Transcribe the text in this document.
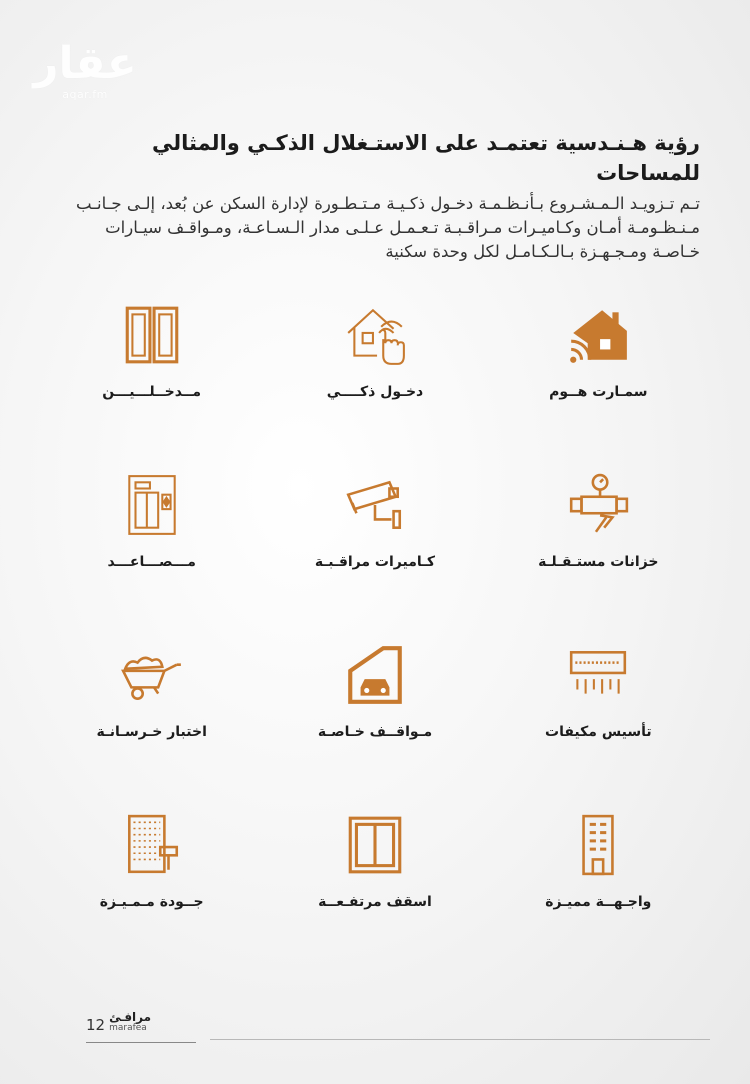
عقار
aqar.fm
رؤية هـنـدسية تعتمـد على الاستـغلال الذكـي والمثالي للمساحات
تـم تـزويـد الـمـشـروع بـأنـظـمـة دخـول ذكـيـة مـتـطـورة لإدارة السكن عن بُعد، إلـى جـانـب مـنـظـومـة أمـان وكـاميـرات مـراقـبـة تـعـمـل عـلـى مدار الـسـاعـة، ومـواقـف سيـارات خـاصـة ومـجـهـزة بـالـكـامـل لكل وحدة سكنية
مــدخــلـــيـــن	دخـول ذكــــي	سمـارت هــوم
مـــصـــاعـــد	كـاميرات مراقـبـة	خزانات مستـقـلـة
اختبار خـرسـانـة	مـواقــف خـاصـة	تأسيس مكيفات
جــودة مـمـيـزة	اسقف مرتفـعــة	واجـهــة مميـزة
12 مرافـئ
marafea
